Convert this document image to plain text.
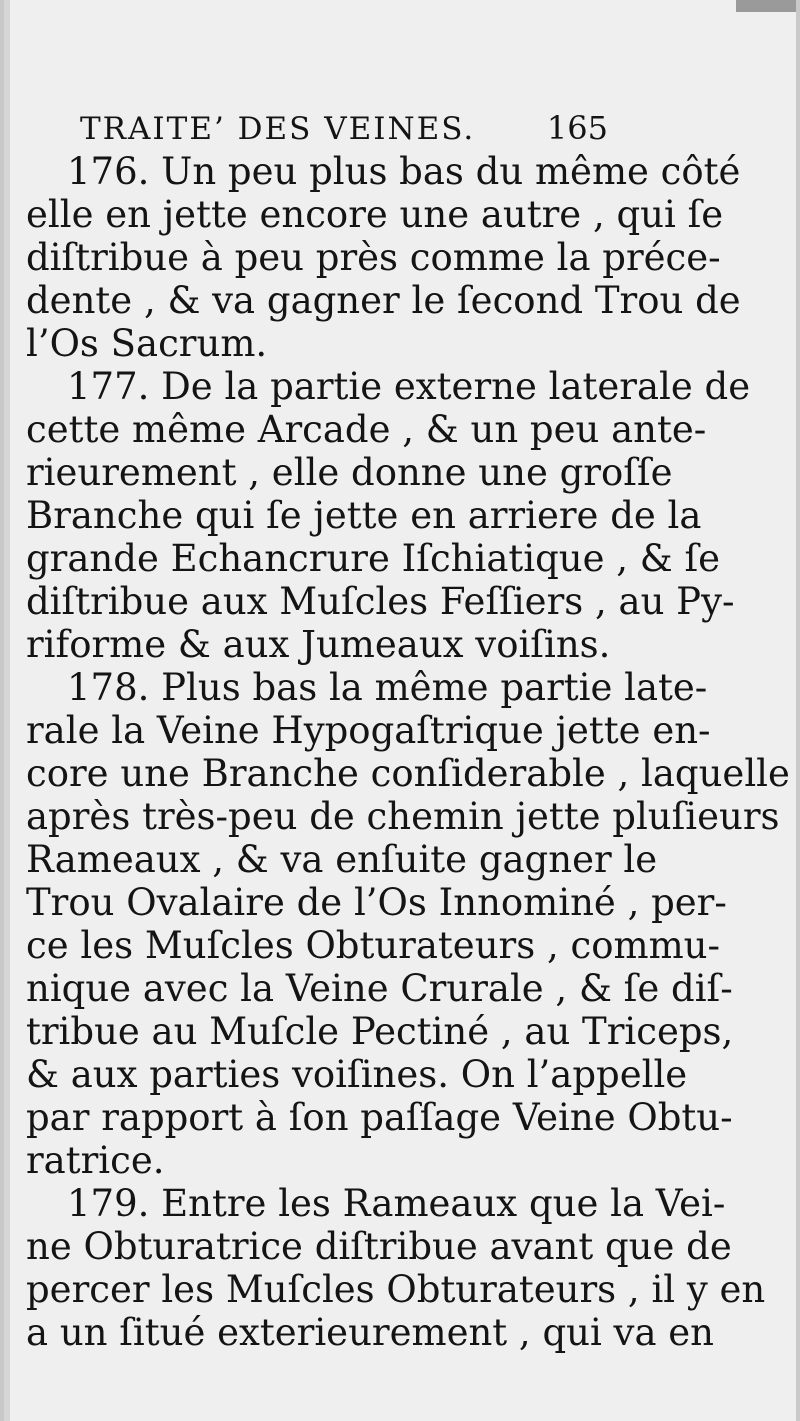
TRAITE’ DES VEINES. 165
176. Un peu plus bas du même côté
elle en jette encore une autre , qui ſe
diſtribue à peu près comme la préce-
dente , & va gagner le ſecond Trou de
l’Os Sacrum.
177. De la partie externe laterale de
cette même Arcade , & un peu ante-
rieurement , elle donne une groſſe
Branche qui ſe jette en arriere de la
grande Echancrure Iſchiatique , & ſe
diſtribue aux Muſcles Feſſiers , au Py-
riforme & aux Jumeaux voiſins.
178. Plus bas la même partie late-
rale la Veine Hypogaſtrique jette en-
core une Branche conſiderable , laquelle
après très-peu de chemin jette pluſieurs
Rameaux , & va enſuite gagner le
Trou Ovalaire de l’Os Innominé , per-
ce les Muſcles Obturateurs , commu-
nique avec la Veine Crurale , & ſe diſ-
tribue au Muſcle Pectiné , au Triceps,
& aux parties voiſines. On l’appelle
par rapport à ſon paſſage Veine Obtu-
ratrice.
179. Entre les Rameaux que la Vei-
ne Obturatrice diſtribue avant que de
percer les Muſcles Obturateurs , il y en
a un ſitué exterieurement , qui va en
